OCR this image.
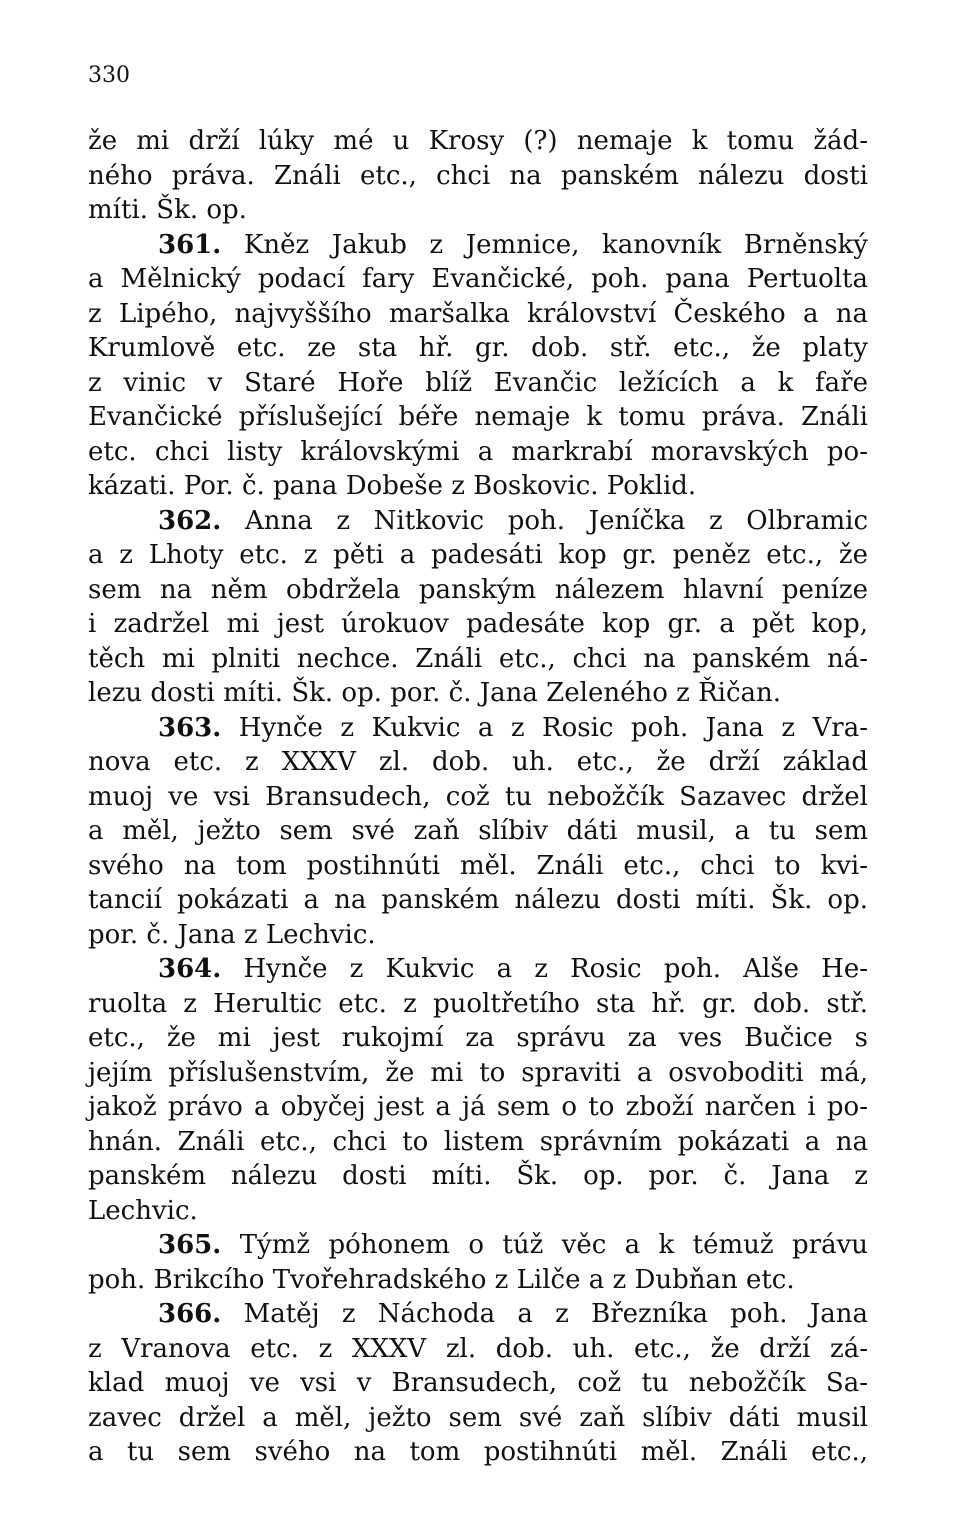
330
že mi drží lúky mé u Krosy (?) nemaje k tomu žád-
ného práva. Ználi etc., chci na panském nálezu dosti
míti. Šk. op.
361. Kněz Jakub z Jemnice, kanovník Brněnský
a Mělnický podací fary Evančické, poh. pana Pertuolta
z Lipého, najvyššího maršalka království Českého a na
Krumlově etc. ze sta hř. gr. dob. stř. etc., že platy
z vinic v Staré Hoře blíž Evančic ležících a k faře
Evančické příslušející béře nemaje k tomu práva. Ználi
etc. chci listy královskými a markrabí moravských po-
kázati. Por. č. pana Dobeše z Boskovic. Poklid.
362. Anna z Nitkovic poh. Jeníčka z Olbramic
a z Lhoty etc. z pěti a padesáti kop gr. peněz etc., že
sem na něm obdržela panským nálezem hlavní peníze
i zadržel mi jest úrokuov padesáte kop gr. a pět kop,
těch mi plniti nechce. Ználi etc., chci na panském ná-
lezu dosti míti. Šk. op. por. č. Jana Zeleného z Řičan.
363. Hynče z Kukvic a z Rosic poh. Jana z Vra-
nova etc. z XXXV zl. dob. uh. etc., že drží základ
muoj ve vsi Bransudech, což tu nebožčík Sazavec držel
a měl, ježto sem své zaň slíbiv dáti musil, a tu sem
svého na tom postihnúti měl. Ználi etc., chci to kvi-
tancií pokázati a na panském nálezu dosti míti. Šk. op.
por. č. Jana z Lechvic.
364. Hynče z Kukvic a z Rosic poh. Alše He-
ruolta z Herultic etc. z puoltřetího sta hř. gr. dob. stř.
etc., že mi jest rukojmí za správu za ves Bučice s
jejím příslušenstvím, že mi to spraviti a osvoboditi má,
jakož právo a obyčej jest a já sem o to zboží narčen i po-
hnán. Ználi etc., chci to listem správním pokázati a na
panském nálezu dosti míti. Šk. op. por. č. Jana z
Lechvic.
365. Týmž póhonem o túž věc a k témuž právu
poh. Brikcího Tvořehradského z Lilče a z Dubňan etc.
366. Matěj z Náchoda a z Březníka poh. Jana
z Vranova etc. z XXXV zl. dob. uh. etc., že drží zá-
klad muoj ve vsi v Bransudech, což tu nebožčík Sa-
zavec držel a měl, ježto sem své zaň slíbiv dáti musil
a tu sem svého na tom postihnúti měl. Ználi etc.,
